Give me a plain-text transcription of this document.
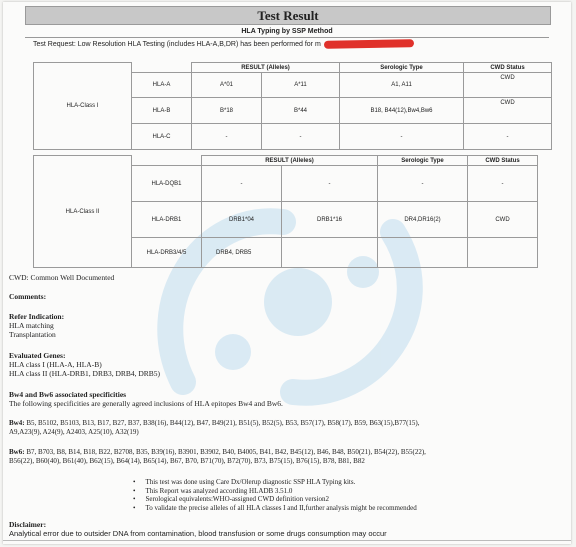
Test Result
HLA Typing by SSP Method
Test Request: Low Resolution HLA Testing (includes HLA-A,B,DR) has been performed for m
HLA-Class I		RESULT (Alleles)		Serologic Type	CWD Status
	HLA-A	A*01	A*11	A1, A11	CWD
	HLA-B	B*18	B*44	B18, B44(12),Bw4,Bw6	CWD
	HLA-C	-	-	-	-
HLA-Class II		RESULT (Alleles)		Serologic Type	CWD Status
	HLA-DQB1	-	-	-	-
	HLA-DRB1	DRB1*04	DRB1*16	DR4,DR16(2)	CWD
	HLA-DRB3/4/5	DRB4, DRB5			
CWD: Common Well Documented
Comments:
Refer Indication:
HLA matching
Transplantation
Evaluated Genes:
HLA class I (HLA-A, HLA-B)
HLA class II (HLA-DRB1, DRB3, DRB4, DRB5)
Bw4 and Bw6 associated specificities
The following specificities are generally agreed inclusions of HLA epitopes Bw4 and Bw6.
Bw4: B5, B5102, B5103, B13, B17, B27, B37, B38(16), B44(12), B47, B49(21), B51(5), B52(5), B53, B57(17), B58(17), B59, B63(15),B77(15),
A9,A23(9), A24(9), A2403, A25(10), A32(19)
Bw6: B7, B703, B8, B14, B18, B22, B2708, B35, B39(16), B3901, B3902, B40, B4005, B41, B42, B45(12), B46, B48, B50(21), B54(22), B55(22),
B56(22), B60(40), B61(40), B62(15), B64(14), B65(14), B67, B70, B71(70), B72(70), B73, B75(15), B76(15), B78, B81, B82
• This test was done using Care Dx/Olerup diagnostic SSP HLA Typing kits.
• This Report was analyzed according HLADB 3.51.0
• Serological equivalents:WHO-assigned CWD definition version2
• To validate the precise alleles of all HLA classes I and II,further analysis might be recommended
Disclaimer:
Analytical error due to outsider DNA from contamination, blood transfusion or some drugs consumption may occur
